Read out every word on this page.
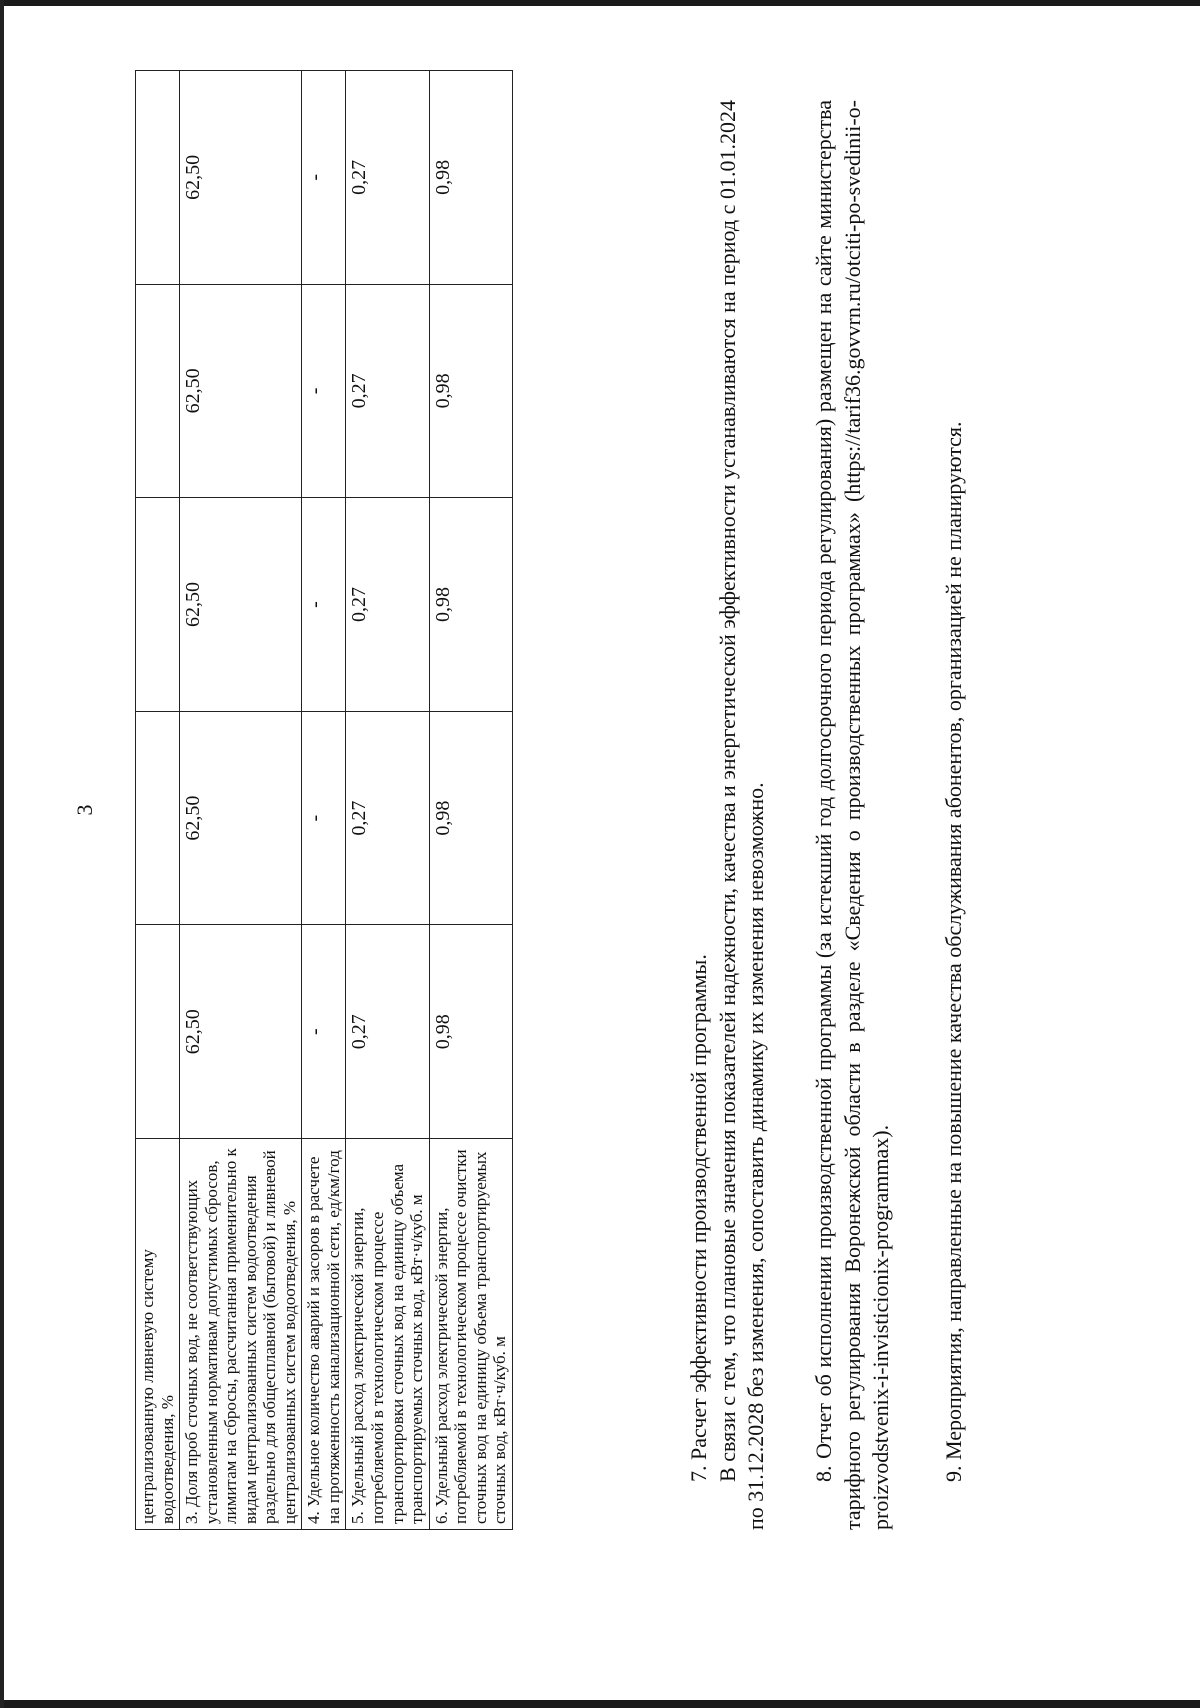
3
централизованную ливневую систему водоотведения, %					
3. Доля проб сточных вод, не соответствующих установленным нормативам допустимых сбросов, лимитам на сбросы, рассчитанная применительно к видам централизованных систем водоотведения раздельно для общесплавной (бытовой) и ливневой централизованных систем водоотведения, %	62,50	62,50	62,50	62,50	62,50
4. Удельное количество аварий и засоров в расчете на протяженность канализационной сети, ед/км/год	-	-	-	-	-
5. Удельный расход электрической энергии, потребляемой в технологическом процессе транспортировки сточных вод на единицу объема транспортируемых сточных вод, кВт·ч/куб. м	0,27	0,27	0,27	0,27	0,27
6. Удельный расход электрической энергии, потребляемой в технологическом процессе очистки сточных вод на единицу объема транспортируемых сточных вод, кВт·ч/куб. м	0,98	0,98	0,98	0,98	0,98
7. Расчет эффективности производственной программы. В связи с тем, что плановые значения показателей надежности, качества и энергетической эффективности устанавливаются на период с 01.01.2024 по 31.12.2028 без изменения, сопоставить динамику их изменения невозможно. 8. Отчет об исполнении производственной программы (за истекший год долгосрочного периода регулирования) размещен на сайте министерства тарифного регулирования Воронежской области в разделе «Сведения о производственных программах» (https://tarif36.govvrn.ru/otciti-po-svedinii-o-proizvodstvenix-i-invisticionix-programmax). 9. Мероприятия, направленные на повышение качества обслуживания абонентов, организацией не планируются.
